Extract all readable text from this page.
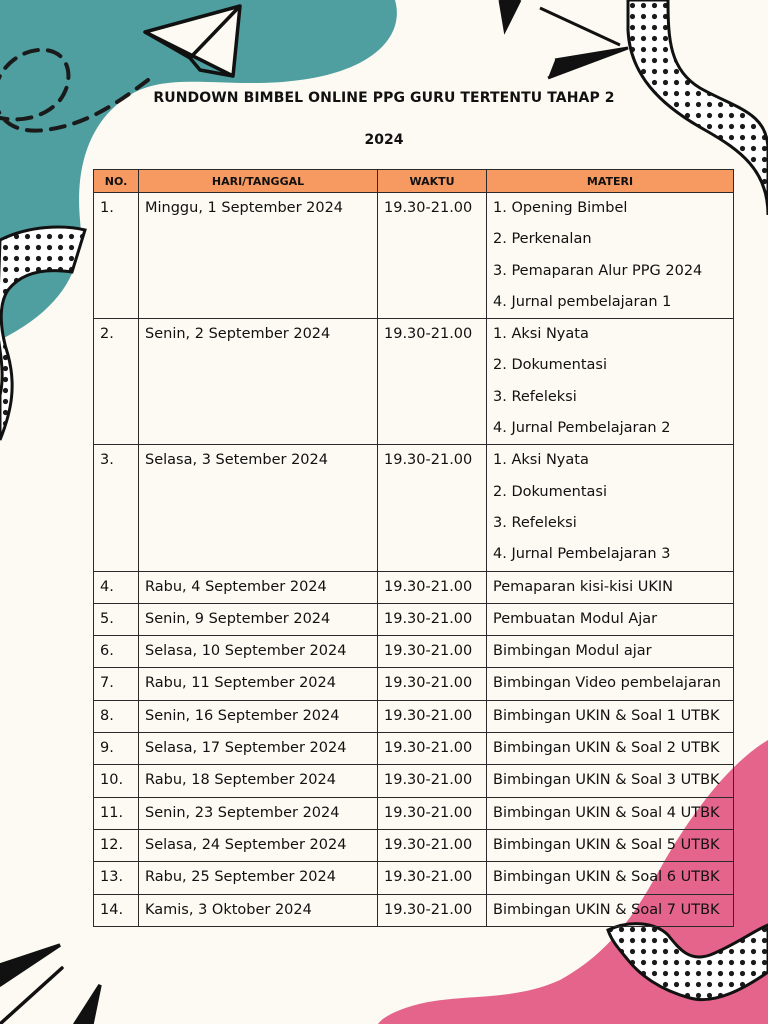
RUNDOWN BIMBEL ONLINE PPG GURU TERTENTU TAHAP 2
2024
NO.	HARI/TANGGAL	WAKTU	MATERI

1.	Minggu, 1 September 2024	19.30-21.00	1. Opening Bimbel
2. Perkenalan
3. Pemaparan Alur PPG 2024
4. Jurnal pembelajaran 1

2.	Senin, 2 September 2024	19.30-21.00	1. Aksi Nyata
2. Dokumentasi
3. Refeleksi
4. Jurnal Pembelajaran 2

3.	Selasa, 3 Setember 2024	19.30-21.00	1. Aksi Nyata
2. Dokumentasi
3. Refeleksi
4. Jurnal Pembelajaran 3

4.	Rabu, 4 September 2024	19.30-21.00	Pemaparan kisi-kisi UKIN

5.	Senin, 9 September 2024	19.30-21.00	Pembuatan Modul Ajar

6.	Selasa, 10 September 2024	19.30-21.00	Bimbingan Modul ajar

7.	Rabu, 11 September 2024	19.30-21.00	Bimbingan Video pembelajaran

8.	Senin, 16 September 2024	19.30-21.00	Bimbingan UKIN & Soal 1 UTBK

9.	Selasa, 17 September 2024	19.30-21.00	Bimbingan UKIN & Soal 2 UTBK

10.	Rabu, 18 September 2024	19.30-21.00	Bimbingan UKIN & Soal 3 UTBK

11.	Senin, 23 September 2024	19.30-21.00	Bimbingan UKIN & Soal 4 UTBK

12.	Selasa, 24 September 2024	19.30-21.00	Bimbingan UKIN & Soal 5 UTBK

13.	Rabu, 25 September 2024	19.30-21.00	Bimbingan UKIN & Soal 6 UTBK

14.	Kamis, 3 Oktober 2024	19.30-21.00	Bimbingan UKIN & Soal 7 UTBK
